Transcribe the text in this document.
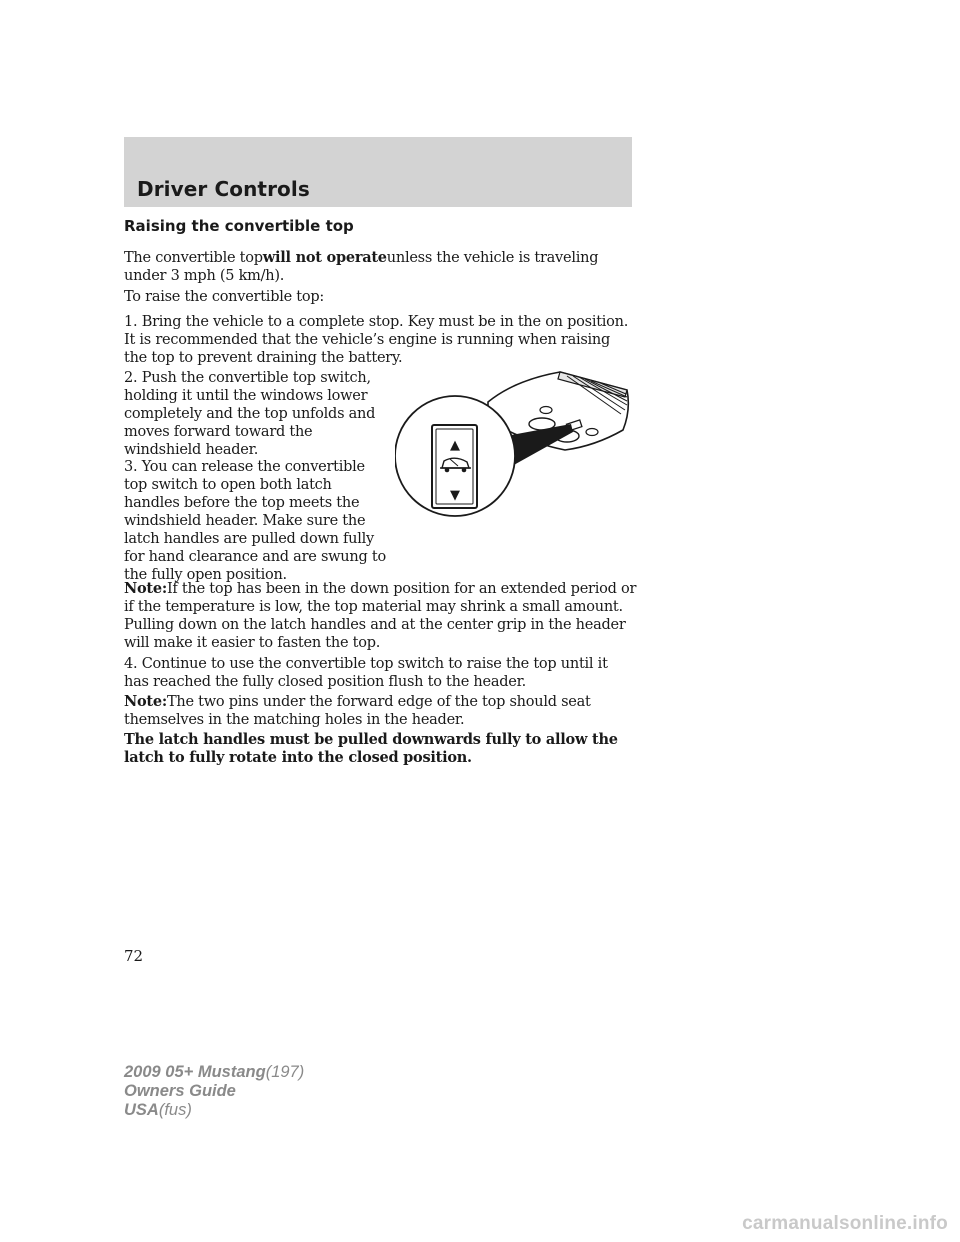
Driver Controls
Raising the convertible top

The convertible topwill not operateunless the vehicle is traveling under 3 mph (5 km/h).

To raise the convertible top:

1. Bring the vehicle to a complete stop. Key must be in the on position. It is recommended that the vehicle’s engine is running when raising the top to prevent draining the battery.

2. Push the convertible top switch, holding it until the windows lower completely and the top unfolds and moves forward toward the windshield header.

3. You can release the convertible top switch to open both latch handles before the top meets the windshield header. Make sure the latch handles are pulled down fully for hand clearance and are swung to the fully open position.

▲
▼

Note:If the top has been in the down position for an extended period or if the temperature is low, the top material may shrink a small amount. Pulling down on the latch handles and at the center grip in the header will make it easier to fasten the top.

4. Continue to use the convertible top switch to raise the top until it has reached the fully closed position flush to the header.

Note:The two pins under the forward edge of the top should seat themselves in the matching holes in the header.

The latch handles must be pulled downwards fully to allow the latch to fully rotate into the closed position.

72

2009 05+ Mustang(197)
Owners Guide
USA(fus)
carmanualsonline.info
